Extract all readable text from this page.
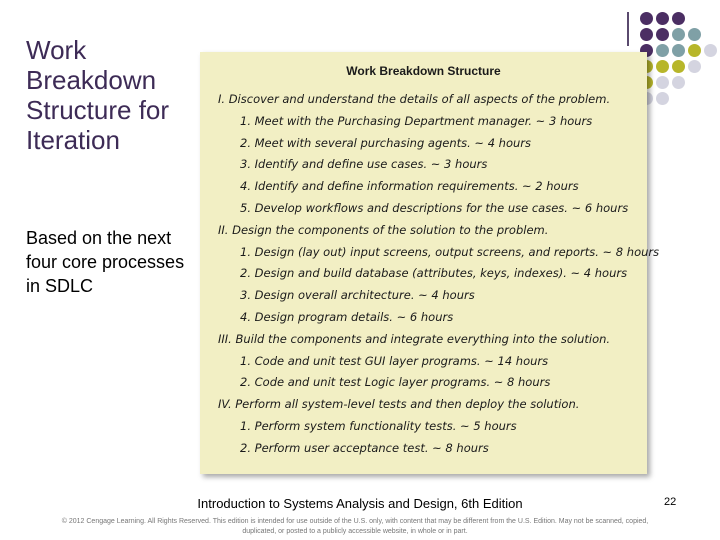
Work Breakdown Structure for Iteration

Based on the next four core processes in SDLC

Work Breakdown Structure
I. Discover and understand the details of all aspects of the problem.
1. Meet with the Purchasing Department manager. ~ 3 hours
2. Meet with several purchasing agents. ~ 4 hours
3. Identify and define use cases. ~ 3 hours
4. Identify and define information requirements. ~ 2 hours
5. Develop workflows and descriptions for the use cases. ~ 6 hours
II. Design the components of the solution to the problem.
1. Design (lay out) input screens, output screens, and reports. ~ 8 hours
2. Design and build database (attributes, keys, indexes). ~ 4 hours
3. Design overall architecture. ~ 4 hours
4. Design program details. ~ 6 hours
III. Build the components and integrate everything into the solution.
1. Code and unit test GUI layer programs. ~ 14 hours
2. Code and unit test Logic layer programs. ~ 8 hours
IV. Perform all system-level tests and then deploy the solution.
1. Perform system functionality tests. ~ 5 hours
2. Perform user acceptance test. ~ 8 hours
Introduction to Systems Analysis and Design, 6th Edition	22
© 2012 Cengage Learning. All Rights Reserved. This edition is intended for use outside of the U.S. only, with content that may be different from the U.S. Edition. May not be scanned, copied, duplicated, or posted to a publicly accessible website, in whole or in part.
